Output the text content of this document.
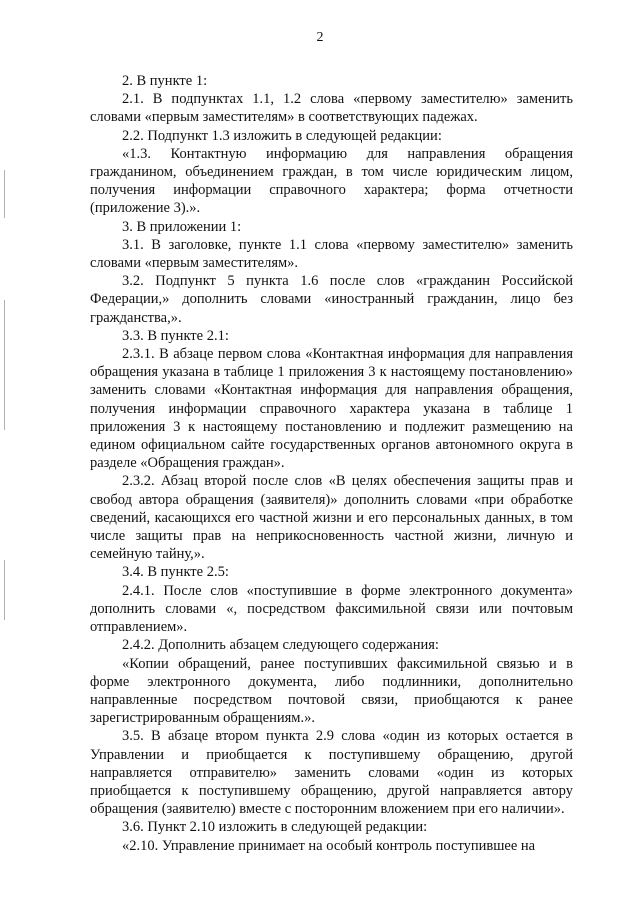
2

2. В пункте 1:

2.1. В подпунктах 1.1, 1.2 слова «первому заместителю» заменить словами «первым заместителям» в соответствующих падежах.

2.2. Подпункт 1.3 изложить в следующей редакции:

«1.3. Контактную информацию для направления обращения гражданином, объединением граждан, в том числе юридическим лицом, получения информации справочного характера; форма отчетности (приложение 3).».

3. В приложении 1:

3.1. В заголовке, пункте 1.1 слова «первому заместителю» заменить словами «первым заместителям».

3.2. Подпункт 5 пункта 1.6 после слов «гражданин Российской Федерации,» дополнить словами «иностранный гражданин, лицо без гражданства,».

3.3. В пункте 2.1:

2.3.1. В абзаце первом слова «Контактная информация для направления обращения указана в таблице 1 приложения 3 к настоящему постановлению» заменить словами «Контактная информация для направления обращения, получения информации справочного характера указана в таблице 1 приложения 3 к настоящему постановлению и подлежит размещению на едином официальном сайте государственных органов автономного округа в разделе «Обращения граждан».

2.3.2. Абзац второй после слов «В целях обеспечения защиты прав и свобод автора обращения (заявителя)» дополнить словами «при обработке сведений, касающихся его частной жизни и его персональных данных, в том числе защиты прав на неприкосновенность частной жизни, личную и семейную тайну,».

3.4. В пункте 2.5:

2.4.1. После слов «поступившие в форме электронного документа» дополнить словами «, посредством факсимильной связи или почтовым отправлением».

2.4.2. Дополнить абзацем следующего содержания:

«Копии обращений, ранее поступивших факсимильной связью и в форме электронного документа, либо подлинники, дополнительно направленные посредством почтовой связи, приобщаются к ранее зарегистрированным обращениям.».

3.5. В абзаце втором пункта 2.9 слова «один из которых остается в Управлении и приобщается к поступившему обращению, другой направляется отправителю» заменить словами «один из которых приобщается к поступившему обращению, другой направляется автору обращения (заявителю) вместе с посторонним вложением при его наличии».

3.6. Пункт 2.10 изложить в следующей редакции:

«2.10. Управление принимает на особый контроль поступившее на
